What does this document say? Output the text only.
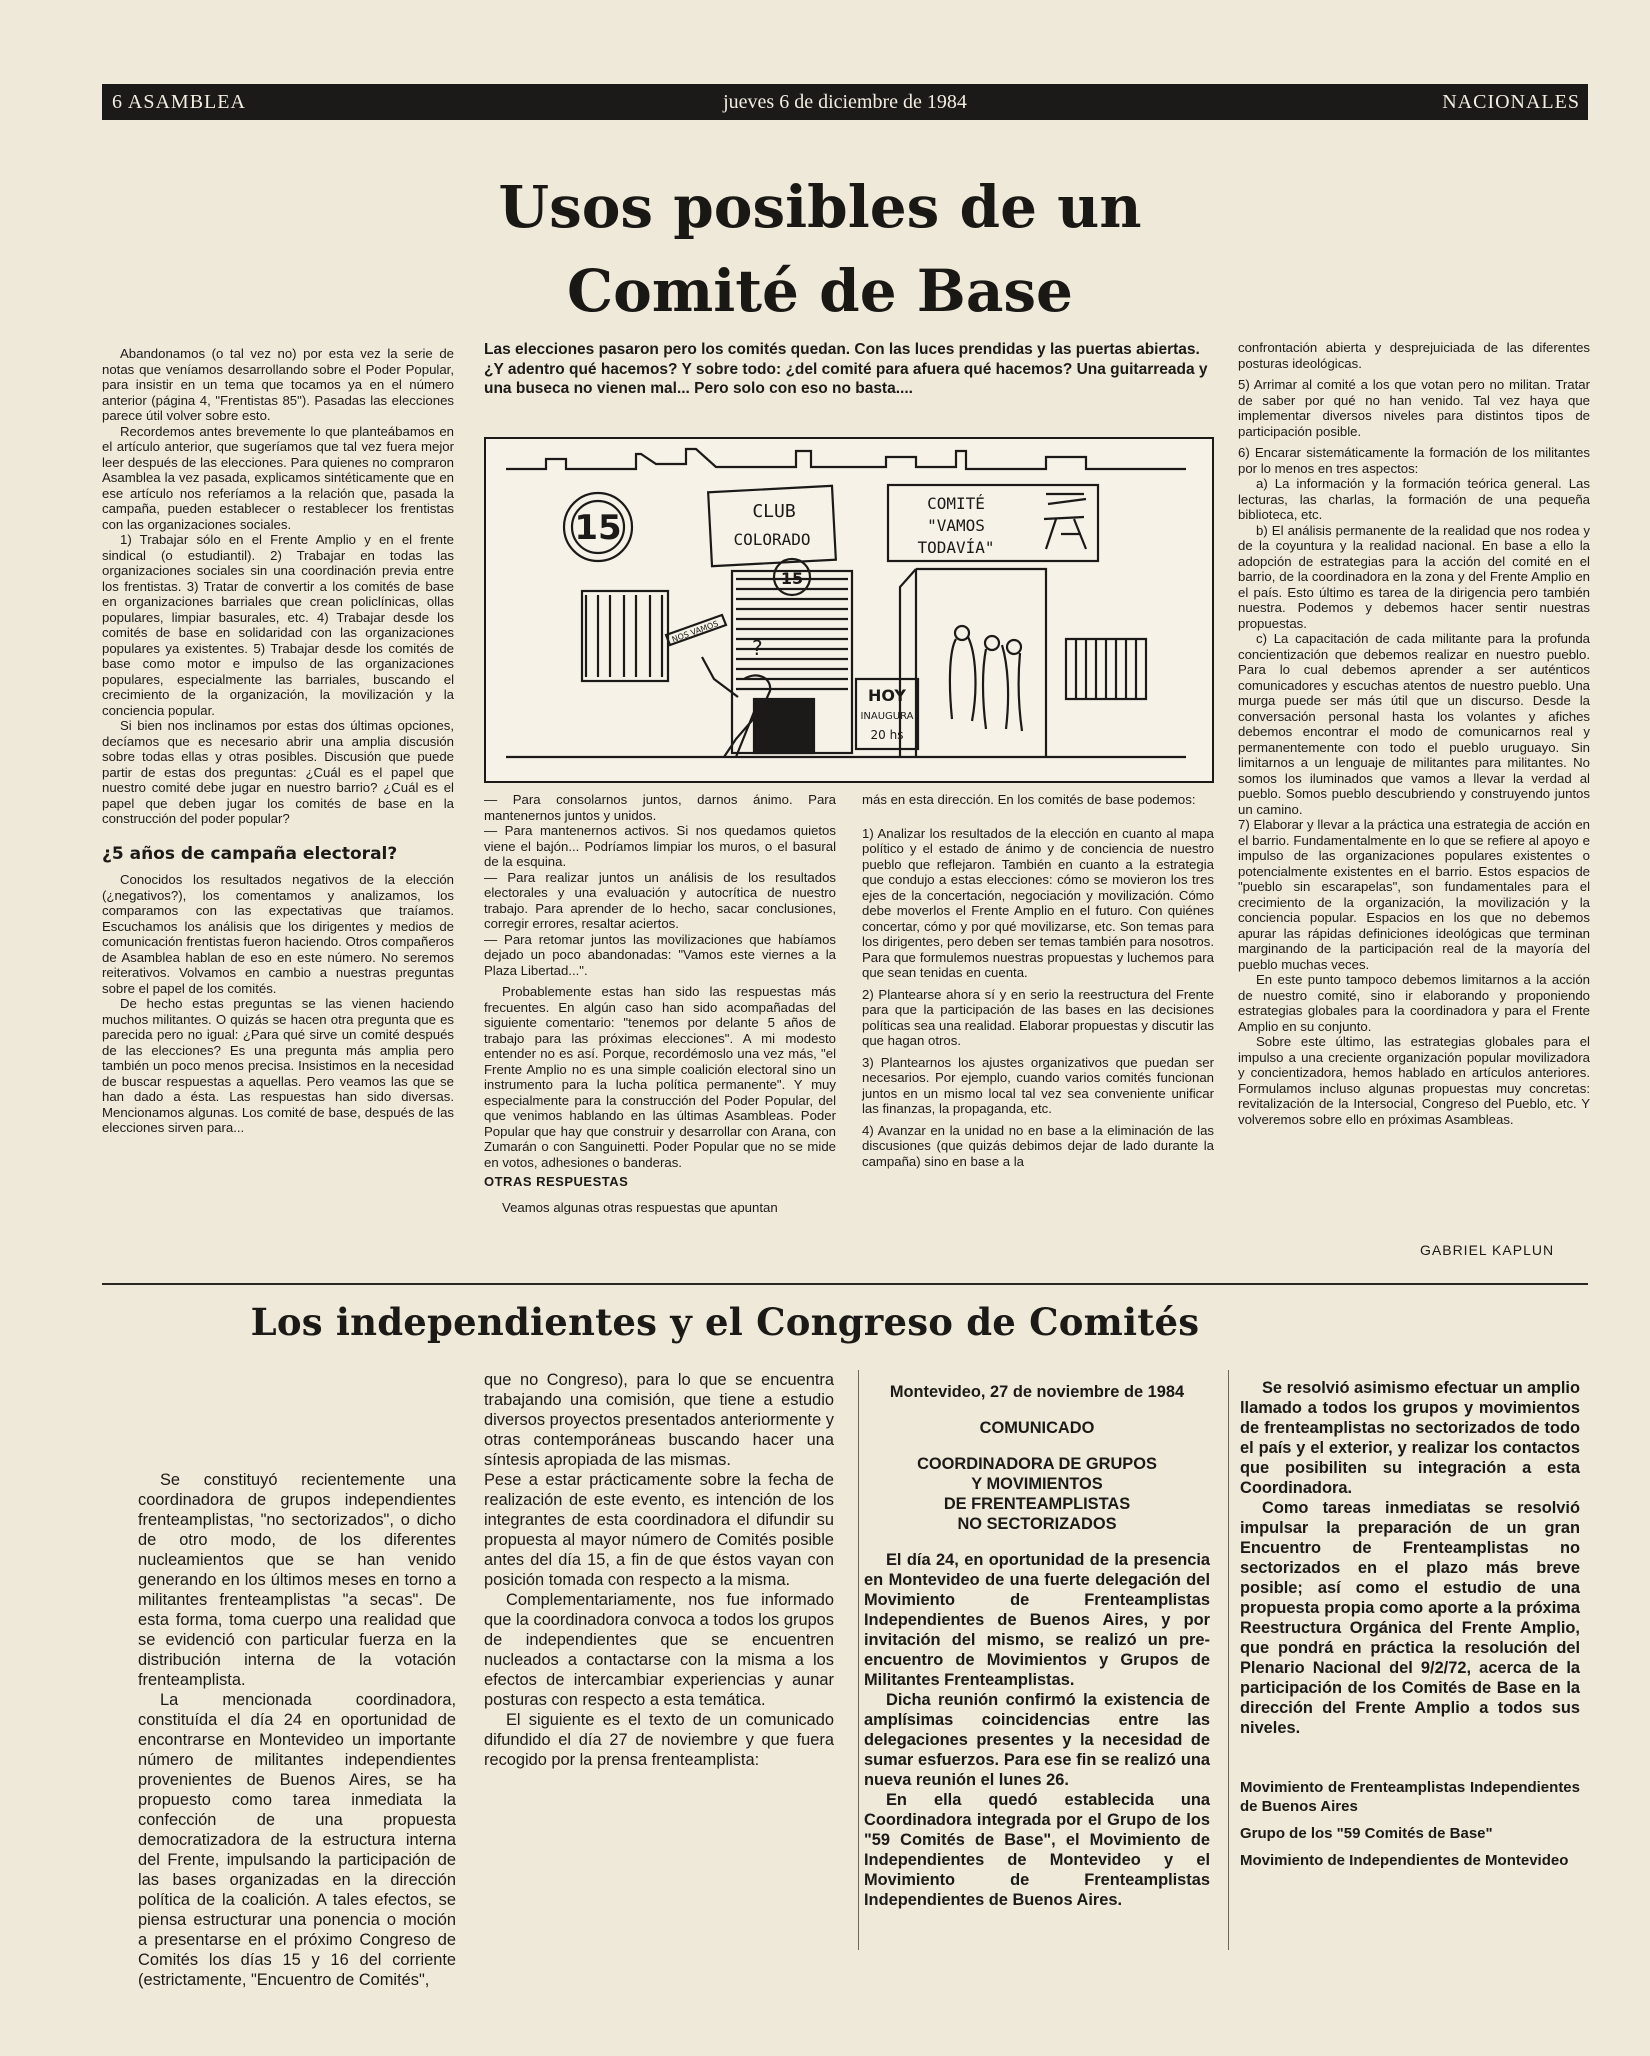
6 ASAMBLEA	jueves 6 de diciembre de 1984	NACIONALES
Usos posibles de un
Comité de Base

Abandonamos (o tal vez no) por esta vez la serie de notas que veníamos desarrollando sobre el Poder Popular, para insistir en un tema que tocamos ya en el número anterior (página 4, "Frentistas 85"). Pasadas las elecciones parece útil volver sobre esto.

Recordemos antes brevemente lo que planteábamos en el artículo anterior, que sugeríamos que tal vez fuera mejor leer después de las elecciones. Para quienes no compraron Asamblea la vez pasada, explicamos sintéticamente que en ese artículo nos referíamos a la relación que, pasada la campaña, pueden establecer o restablecer los frentistas con las organizaciones sociales.

1) Trabajar sólo en el Frente Amplio y en el frente sindical (o estudiantil). 2) Trabajar en todas las organizaciones sociales sin una coordinación previa entre los frentistas. 3) Tratar de convertir a los comités de base en organizaciones barriales que crean policlínicas, ollas populares, limpiar basurales, etc. 4) Trabajar desde los comités de base en solidaridad con las organizaciones populares ya existentes. 5) Trabajar desde los comités de base como motor e impulso de las organizaciones populares, especialmente las barriales, buscando el crecimiento de la organización, la movilización y la conciencia popular.

Si bien nos inclinamos por estas dos últimas opciones, decíamos que es necesario abrir una amplia discusión sobre todas ellas y otras posibles. Discusión que puede partir de estas dos preguntas: ¿Cuál es el papel que nuestro comité debe jugar en nuestro barrio? ¿Cuál es el papel que deben jugar los comités de base en la construcción del poder popular?

¿5 años de campaña electoral?

Conocidos los resultados negativos de la elección (¿negativos?), los comentamos y analizamos, los comparamos con las expectativas que traíamos. Escuchamos los análisis que los dirigentes y medios de comunicación frentistas fueron haciendo. Otros compañeros de Asamblea hablan de eso en este número. No seremos reiterativos. Volvamos en cambio a nuestras preguntas sobre el papel de los comités.

De hecho estas preguntas se las vienen haciendo muchos militantes. O quizás se hacen otra pregunta que es parecida pero no igual: ¿Para qué sirve un comité después de las elecciones? Es una pregunta más amplia pero también un poco menos precisa. Insistimos en la necesidad de buscar respuestas a aquellas. Pero veamos las que se han dado a ésta. Las respuestas han sido diversas. Mencionamos algunas. Los comité de base, después de las elecciones sirven para...

Las elecciones pasaron pero los comités quedan. Con las luces prendidas y las puertas abiertas. ¿Y adentro qué hacemos? Y sobre todo: ¿del comité para afuera qué hacemos? Una guitarreada y una buseca no vienen mal... Pero solo con eso no basta....

15	CLUB
COLORADO
COMITÉ
"VAMOS
TODAVÍA"
15
NOS VAMOS
?
HOY
INAUGURA
20 hs

— Para consolarnos juntos, darnos ánimo. Para mantenernos juntos y unidos.

— Para mantenernos activos. Si nos quedamos quietos viene el bajón... Podríamos limpiar los muros, o el basural de la esquina.

— Para realizar juntos un análisis de los resultados electorales y una evaluación y autocrítica de nuestro trabajo. Para aprender de lo hecho, sacar conclusiones, corregir errores, resaltar aciertos.

— Para retomar juntos las movilizaciones que habíamos dejado un poco abandonadas: "Vamos este viernes a la Plaza Libertad...".

Probablemente estas han sido las respuestas más frecuentes. En algún caso han sido acompañadas del siguiente comentario: "tenemos por delante 5 años de trabajo para las próximas elecciones". A mi modesto entender no es así. Porque, recordémoslo una vez más, "el Frente Amplio no es una simple coalición electoral sino un instrumento para la lucha política permanente". Y muy especialmente para la construcción del Poder Popular, del que venimos hablando en las últimas Asambleas. Poder Popular que hay que construir y desarrollar con Arana, con Zumarán o con Sanguinetti. Poder Popular que no se mide en votos, adhesiones o banderas.

OTRAS RESPUESTAS

Veamos algunas otras respuestas que apuntan

más en esta dirección. En los comités de base podemos:

1) Analizar los resultados de la elección en cuanto al mapa político y el estado de ánimo y de conciencia de nuestro pueblo que reflejaron. También en cuanto a la estrategia que condujo a estas elecciones: cómo se movieron los tres ejes de la concertación, negociación y movilización. Cómo debe moverlos el Frente Amplio en el futuro. Con quiénes concertar, cómo y por qué movilizarse, etc. Son temas para los dirigentes, pero deben ser temas también para nosotros. Para que formulemos nuestras propuestas y luchemos para que sean tenidas en cuenta.

2) Plantearse ahora sí y en serio la reestructura del Frente para que la participación de las bases en las decisiones políticas sea una realidad. Elaborar propuestas y discutir las que hagan otros.

3) Plantearnos los ajustes organizativos que puedan ser necesarios. Por ejemplo, cuando varios comités funcionan juntos en un mismo local tal vez sea conveniente unificar las finanzas, la propaganda, etc.

4) Avanzar en la unidad no en base a la eliminación de las discusiones (que quizás debimos dejar de lado durante la campaña) sino en base a la

confrontación abierta y desprejuiciada de las diferentes posturas ideológicas.

5) Arrimar al comité a los que votan pero no militan. Tratar de saber por qué no han venido. Tal vez haya que implementar diversos niveles para distintos tipos de participación posible.

6) Encarar sistemáticamente la formación de los militantes por lo menos en tres aspectos:

a) La información y la formación teórica general. Las lecturas, las charlas, la formación de una pequeña biblioteca, etc.

b) El análisis permanente de la realidad que nos rodea y de la coyuntura y la realidad nacional. En base a ello la adopción de estrategias para la acción del comité en el barrio, de la coordinadora en la zona y del Frente Amplio en el país. Esto último es tarea de la dirigencia pero también nuestra. Podemos y debemos hacer sentir nuestras propuestas.

c) La capacitación de cada militante para la profunda concientización que debemos realizar en nuestro pueblo. Para lo cual debemos aprender a ser auténticos comunicadores y escuchas atentos de nuestro pueblo. Una murga puede ser más útil que un discurso. Desde la conversación personal hasta los volantes y afiches debemos encontrar el modo de comunicarnos real y permanentemente con todo el pueblo uruguayo. Sin limitarnos a un lenguaje de militantes para militantes. No somos los iluminados que vamos a llevar la verdad al pueblo. Somos pueblo descubriendo y construyendo juntos un camino.

7) Elaborar y llevar a la práctica una estrategia de acción en el barrio. Fundamentalmente en lo que se refiere al apoyo e impulso de las organizaciones populares existentes o potencialmente existentes en el barrio. Estos espacios de "pueblo sin escarapelas", son fundamentales para el crecimiento de la organización, la movilización y la conciencia popular. Espacios en los que no debemos apurar las rápidas definiciones ideológicas que terminan marginando de la participación real de la mayoría del pueblo muchas veces.

En este punto tampoco debemos limitarnos a la acción de nuestro comité, sino ir elaborando y proponiendo estrategias globales para la coordinadora y para el Frente Amplio en su conjunto.

Sobre este último, las estrategias globales para el impulso a una creciente organización popular movilizadora y concientizadora, hemos hablado en artículos anteriores. Formulamos incluso algunas propuestas muy concretas: revitalización de la Intersocial, Congreso del Pueblo, etc. Y volveremos sobre ello en próximas Asambleas.

GABRIEL KAPLUN
Los independientes y el Congreso de Comités

Se constituyó recientemente una coordinadora de grupos independientes frenteamplistas, "no sectorizados", o dicho de otro modo, de los diferentes nucleamientos que se han venido generando en los últimos meses en torno a militantes frenteamplistas "a secas". De esta forma, toma cuerpo una realidad que se evidenció con particular fuerza en la distribución interna de la votación frenteamplista.

La mencionada coordinadora, constituída el día 24 en oportunidad de encontrarse en Montevideo un importante número de militantes independientes provenientes de Buenos Aires, se ha propuesto como tarea inmediata la confección de una propuesta democratizadora de la estructura interna del Frente, impulsando la participación de las bases organizadas en la dirección política de la coalición. A tales efectos, se piensa estructurar una ponencia o moción a presentarse en el próximo Congreso de Comités los días 15 y 16 del corriente (estrictamente, "Encuentro de Comités",

que no Congreso), para lo que se encuentra trabajando una comisión, que tiene a estudio diversos proyectos presentados anteriormente y otras contemporáneas buscando hacer una síntesis apropiada de las mismas.

Pese a estar prácticamente sobre la fecha de realización de este evento, es intención de los integrantes de esta coordinadora el difundir su propuesta al mayor número de Comités posible antes del día 15, a fin de que éstos vayan con posición tomada con respecto a la misma.

Complementariamente, nos fue informado que la coordinadora convoca a todos los grupos de independientes que se encuentren nucleados a contactarse con la misma a los efectos de intercambiar experiencias y aunar posturas con respecto a esta temática.

El siguiente es el texto de un comunicado difundido el día 27 de noviembre y que fuera recogido por la prensa frenteamplista:

Montevideo, 27 de noviembre de 1984

COMUNICADO

COORDINADORA DE GRUPOS

Y MOVIMIENTOS

DE FRENTEAMPLISTAS

NO SECTORIZADOS

El día 24, en oportunidad de la presencia en Montevideo de una fuerte delegación del Movimiento de Frenteamplistas Independientes de Buenos Aires, y por invitación del mismo, se realizó un pre-encuentro de Movimientos y Grupos de Militantes Frenteamplistas.

Dicha reunión confirmó la existencia de amplísimas coincidencias entre las delegaciones presentes y la necesidad de sumar esfuerzos. Para ese fin se realizó una nueva reunión el lunes 26.

En ella quedó establecida una Coordinadora integrada por el Grupo de los "59 Comités de Base", el Movimiento de Independientes de Montevideo y el Movimiento de Frenteamplistas Independientes de Buenos Aires.

Se resolvió asimismo efectuar un amplio llamado a todos los grupos y movimientos de frenteamplistas no sectorizados de todo el país y el exterior, y realizar los contactos que posibiliten su integración a esta Coordinadora.

Como tareas inmediatas se resolvió impulsar la preparación de un gran Encuentro de Frenteamplistas no sectorizados en el plazo más breve posible; así como el estudio de una propuesta propia como aporte a la próxima Reestructura Orgánica del Frente Amplio, que pondrá en práctica la resolución del Plenario Nacional del 9/2/72, acerca de la participación de los Comités de Base en la dirección del Frente Amplio a todos sus niveles.

Movimiento de Frenteamplistas Independientes de Buenos Aires

Grupo de los "59 Comités de Base"

Movimiento de Independientes de Montevideo
